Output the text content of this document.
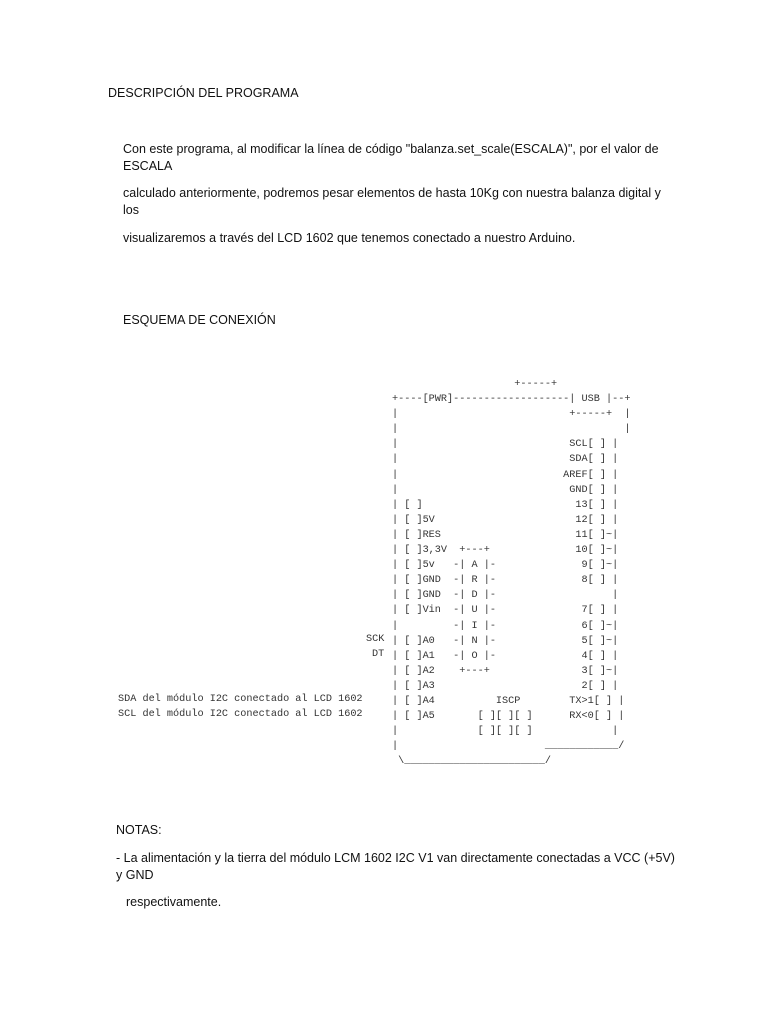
DESCRIPCIÓN DEL PROGRAMA

Con este programa, al modificar la línea de código "balanza.set_scale(ESCALA)", por el valor de ESCALA

calculado anteriormente, podremos pesar elementos de hasta 10Kg con nuestra balanza digital y los

visualizaremos a través del LCD 1602 que tenemos conectado a nuestro Arduino.

ESQUEMA DE CONEXIÓN
+-----+
+----[PWR]-------------------| USB |--+
|                            +-----+  |
|                                     |
|                            SCL[ ] |
|                            SDA[ ] |
|                           AREF[ ] |
|                            GND[ ] |
| [ ]                         13[ ] |
| [ ]5V                       12[ ] |
| [ ]RES                      11[ ]~|
| [ ]3,3V  +---+              10[ ]~|
| [ ]5v   -| A |-              9[ ]~|
| [ ]GND  -| R |-              8[ ] |
| [ ]GND  -| D |-                   |
| [ ]Vin  -| U |-              7[ ] |
|         -| I |-              6[ ]~|
| [ ]A0   -| N |-              5[ ]~|
| [ ]A1   -| O |-              4[ ] |
| [ ]A2    +---+               3[ ]~|
| [ ]A3                        2[ ] |
| [ ]A4          ISCP        TX>1[ ] |
| [ ]A5       [ ][ ][ ]      RX<0[ ] |
|             [ ][ ][ ]             |
|                        ____________/
\_______________________/
SCK
DT
SDA del módulo I2C conectado al LCD 1602
SCL del módulo I2C conectado al LCD 1602
NOTAS:

- La alimentación y la tierra del módulo LCM 1602 I2C V1 van directamente conectadas a VCC (+5V) y GND

respectivamente.
